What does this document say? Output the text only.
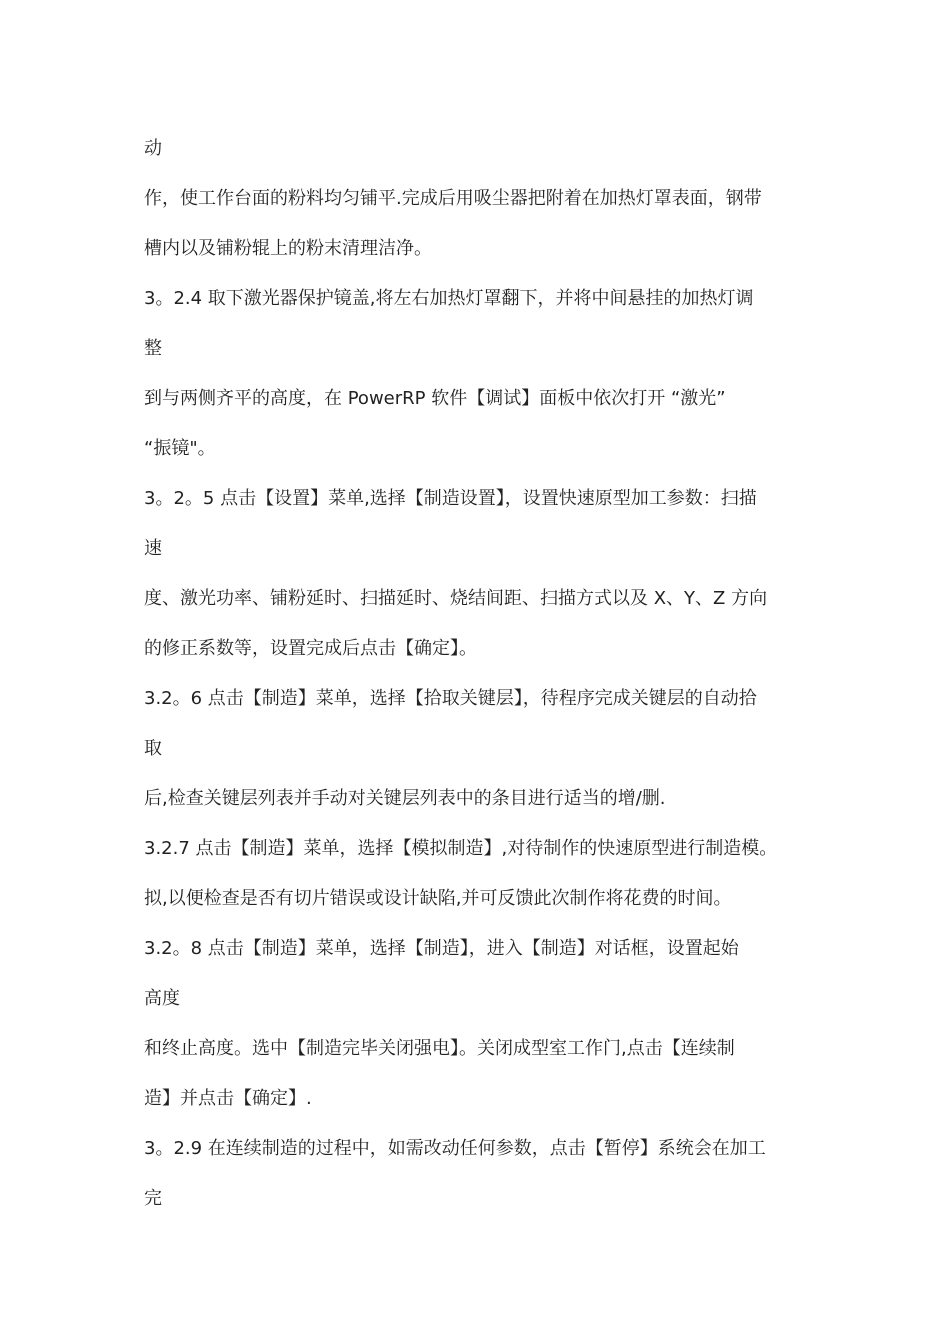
动

作，使工作台面的粉料均匀铺平.完成后用吸尘器把附着在加热灯罩表面，钢带

槽内以及铺粉辊上的粉末清理洁净。

3。2.4 取下激光器保护镜盖,将左右加热灯罩翻下，并将中间悬挂的加热灯调

整

到与两侧齐平的高度，在 PowerRP 软件【调试】面板中依次打开 “激光”

“振镜"。

3。2。5 点击【设置】菜单,选择【制造设置】，设置快速原型加工参数：扫描

速

度、激光功率、铺粉延时、扫描延时、烧结间距、扫描方式以及 X、Y、Z 方向

的修正系数等，设置完成后点击【确定】。

3.2。6 点击【制造】菜单，选择【拾取关键层】，待程序完成关键层的自动拾

取

后,检查关键层列表并手动对关键层列表中的条目进行适当的增/删.

3.2.7 点击【制造】菜单，选择【模拟制造】,对待制作的快速原型进行制造模。

拟,以便检查是否有切片错误或设计缺陷,并可反馈此次制作将花费的时间。

3.2。8 点击【制造】菜单，选择【制造】，进入【制造】对话框，设置起始

高度

和终止高度。选中【制造完毕关闭强电】。关闭成型室工作门,点击【连续制

造】并点击【确定】.

3。2.9 在连续制造的过程中，如需改动任何参数，点击【暂停】系统会在加工

完
